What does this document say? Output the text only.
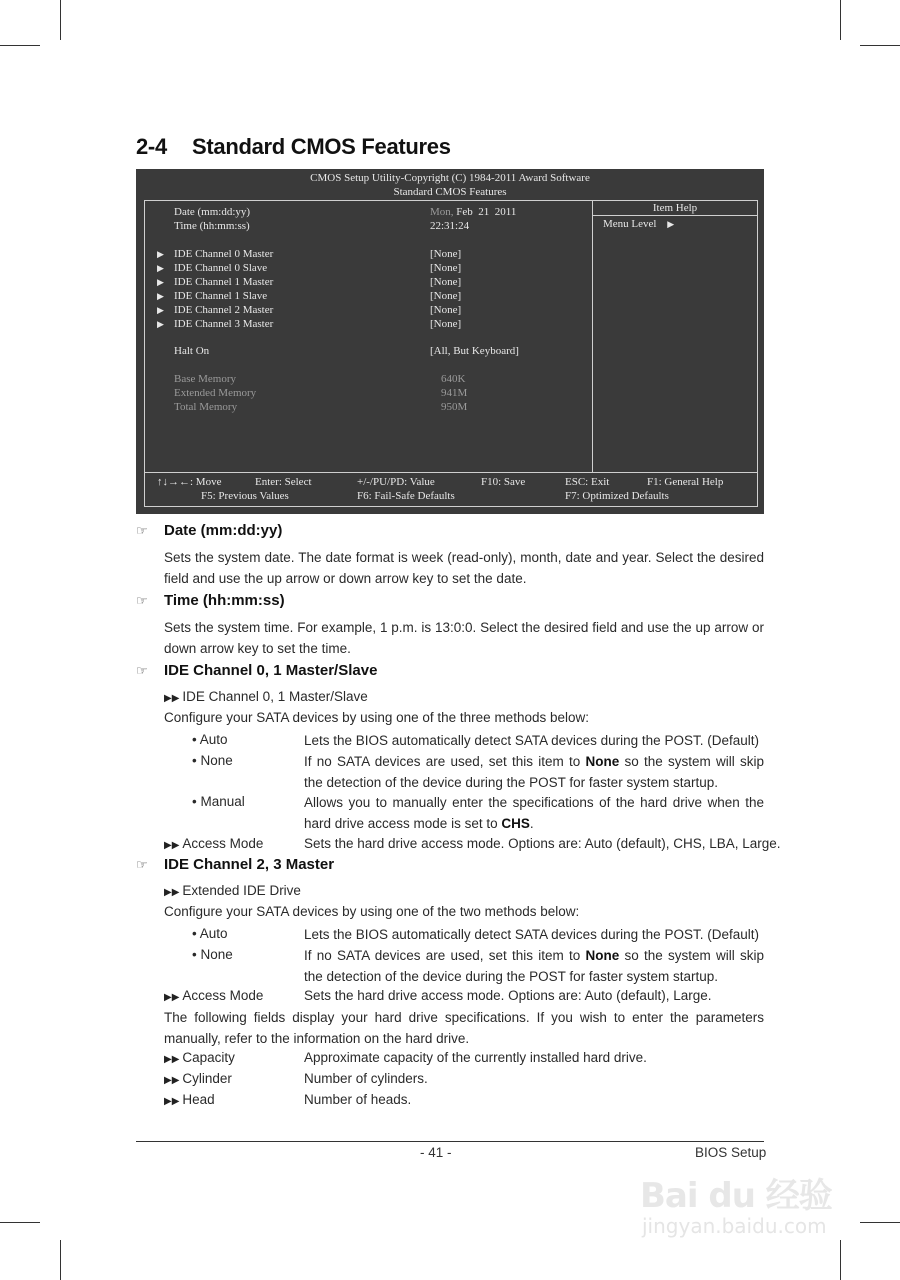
2-4 Standard CMOS Features
CMOS Setup Utility-Copyright (C) 1984-2011 Award Software
Standard CMOS Features
Item Help
Menu Level ▶
Date (mm:dd:yy)	Mon, Feb  21  2011
Time (hh:mm:ss)	22:31:24
▶ IDE Channel 0 Master	[None]
▶ IDE Channel 0 Slave	[None]
▶ IDE Channel 1 Master	[None]
▶ IDE Channel 1 Slave	[None]
▶ IDE Channel 2 Master	[None]
▶ IDE Channel 3 Master	[None]
Halt On	[All, But Keyboard]
Base Memory	640K
Extended Memory	941M
Total Memory	950M
↑↓→←: Move	Enter: Select	+/-/PU/PD: Value	F10: Save	ESC: Exit	F1: General Help
F5: Previous Values	F6: Fail-Safe Defaults	F7: Optimized Defaults
☞ Date (mm:dd:yy)
Sets the system date. The date format is week (read-only), month, date and year. Select the desired field and use the up arrow or down arrow key to set the date.
☞ Time (hh:mm:ss)
Sets the system time. For example, 1 p.m. is 13:0:0. Select the desired field and use the up arrow or down arrow key to set the time.
☞ IDE Channel 0, 1 Master/Slave
▶▶ IDE Channel 0, 1 Master/Slave
Configure your SATA devices by using one of the three methods below:
• Auto	Lets the BIOS automatically detect SATA devices during the POST. (Default)
• None	If no SATA devices are used, set this item to None so the system will skip the detection of the device during the POST for faster system startup.
• Manual	Allows you to manually enter the specifications of the hard drive when the hard drive access mode is set to CHS.
▶▶ Access Mode	Sets the hard drive access mode. Options are: Auto (default), CHS, LBA, Large.
☞ IDE Channel 2, 3 Master
▶▶ Extended IDE Drive
Configure your SATA devices by using one of the two methods below:
• Auto	Lets the BIOS automatically detect SATA devices during the POST. (Default)
• None	If no SATA devices are used, set this item to None so the system will skip the detection of the device during the POST for faster system startup.
▶▶ Access Mode	Sets the hard drive access mode. Options are: Auto (default), Large.
The following fields display your hard drive specifications. If you wish to enter the parameters manually, refer to the information on the hard drive.
▶▶ Capacity	Approximate capacity of the currently installed hard drive.
▶▶ Cylinder	Number of cylinders.
▶▶ Head	Number of heads.
- 41 -	BIOS Setup
Bai du 经验
jingyan.baidu.com
